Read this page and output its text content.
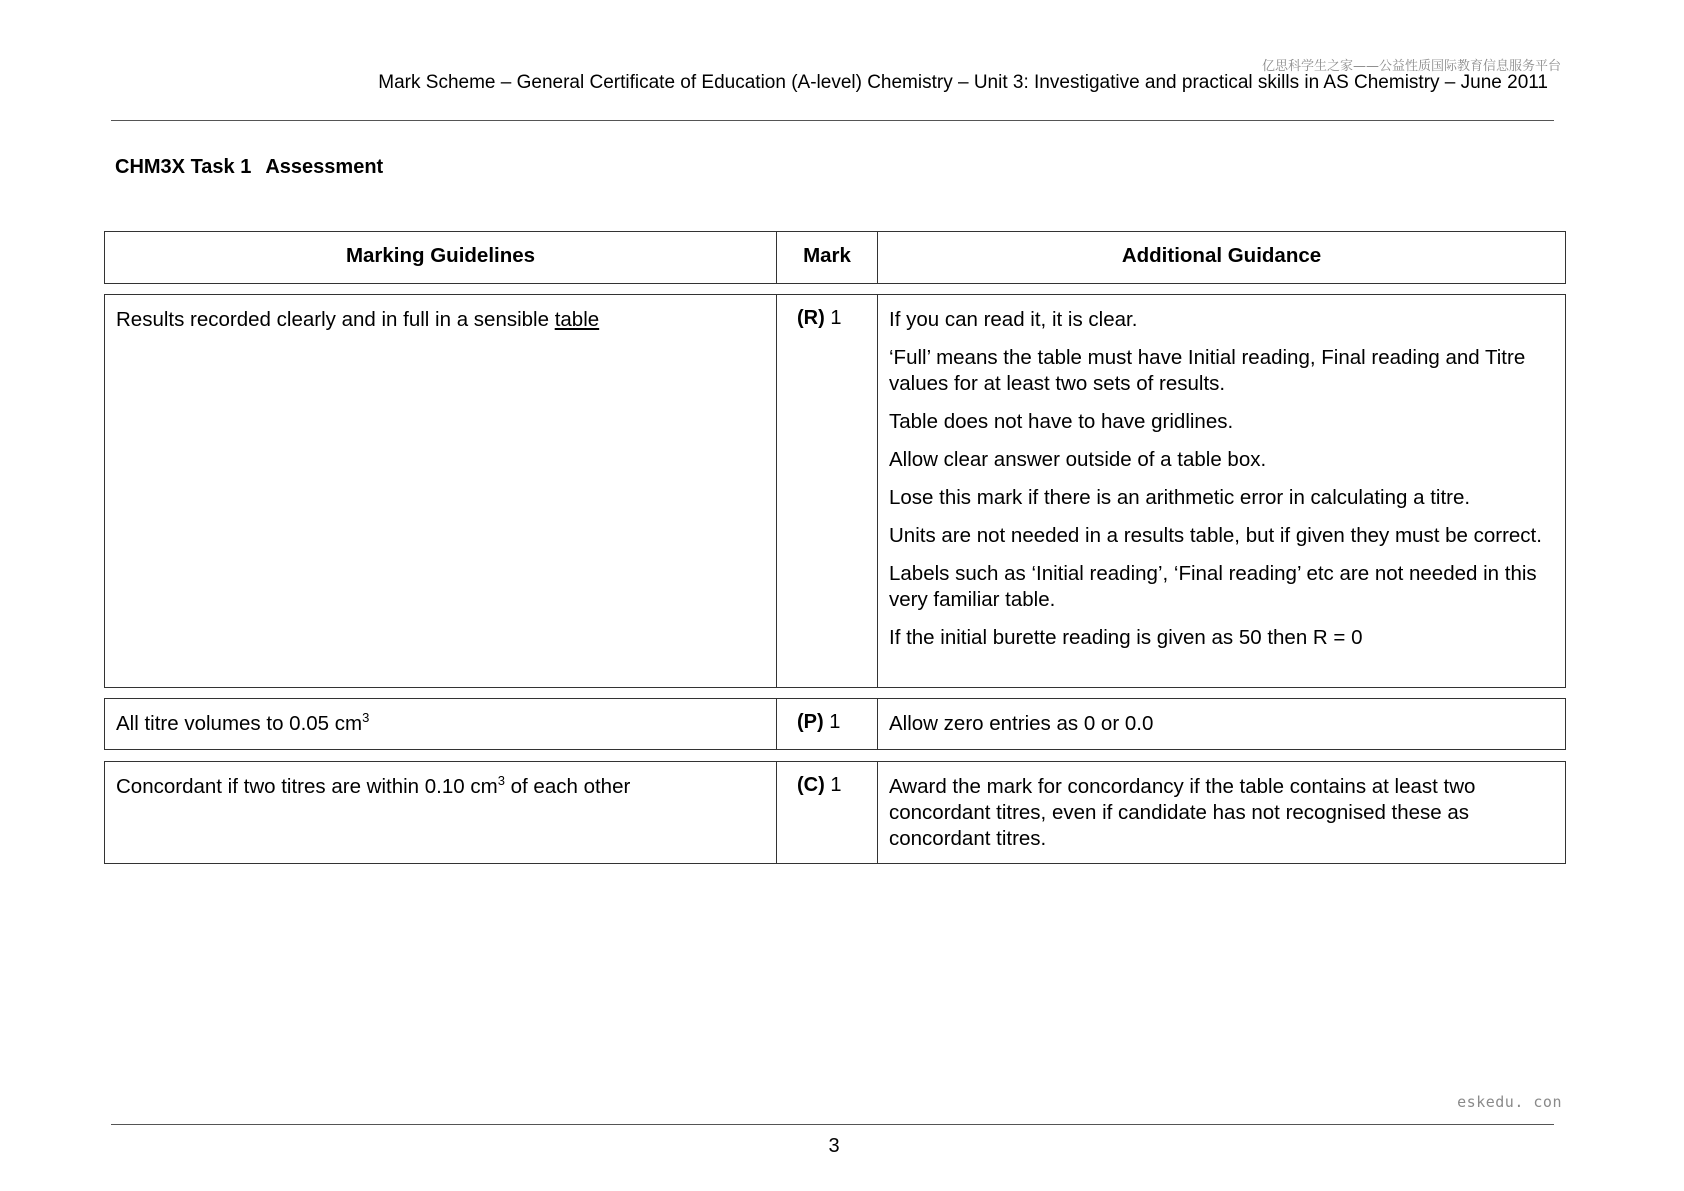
亿思科学生之家——公益性质国际教育信息服务平台
Mark Scheme – General Certificate of Education (A-level) Chemistry – Unit 3: Investigative and practical skills in AS Chemistry – June 2011
CHM3X Task 1 Assessment
Marking Guidelines	Mark	Additional Guidance
Results recorded clearly and in full in a sensible table	(R) 1	If you can read it, it is clear.

‘Full’ means the table must have Initial reading, Final reading and Titre values for at least two sets of results.

Table does not have to have gridlines.

Allow clear answer outside of a table box.

Lose this mark if there is an arithmetic error in calculating a titre.

Units are not needed in a results table, but if given they must be correct.

Labels such as ‘Initial reading’, ‘Final reading’ etc are not needed in this very familiar table.

If the initial burette reading is given as 50 then R = 0

All titre volumes to 0.05 $cm^3$	(P) 1	Allow zero entries as 0 or 0.0

Concordant if two titres are within 0.10 $cm^3$ of each other	(C) 1	Award the mark for concordancy if the table contains at least two concordant titres, even if candidate has not recognised these as concordant titres.

eskedu. con
3
